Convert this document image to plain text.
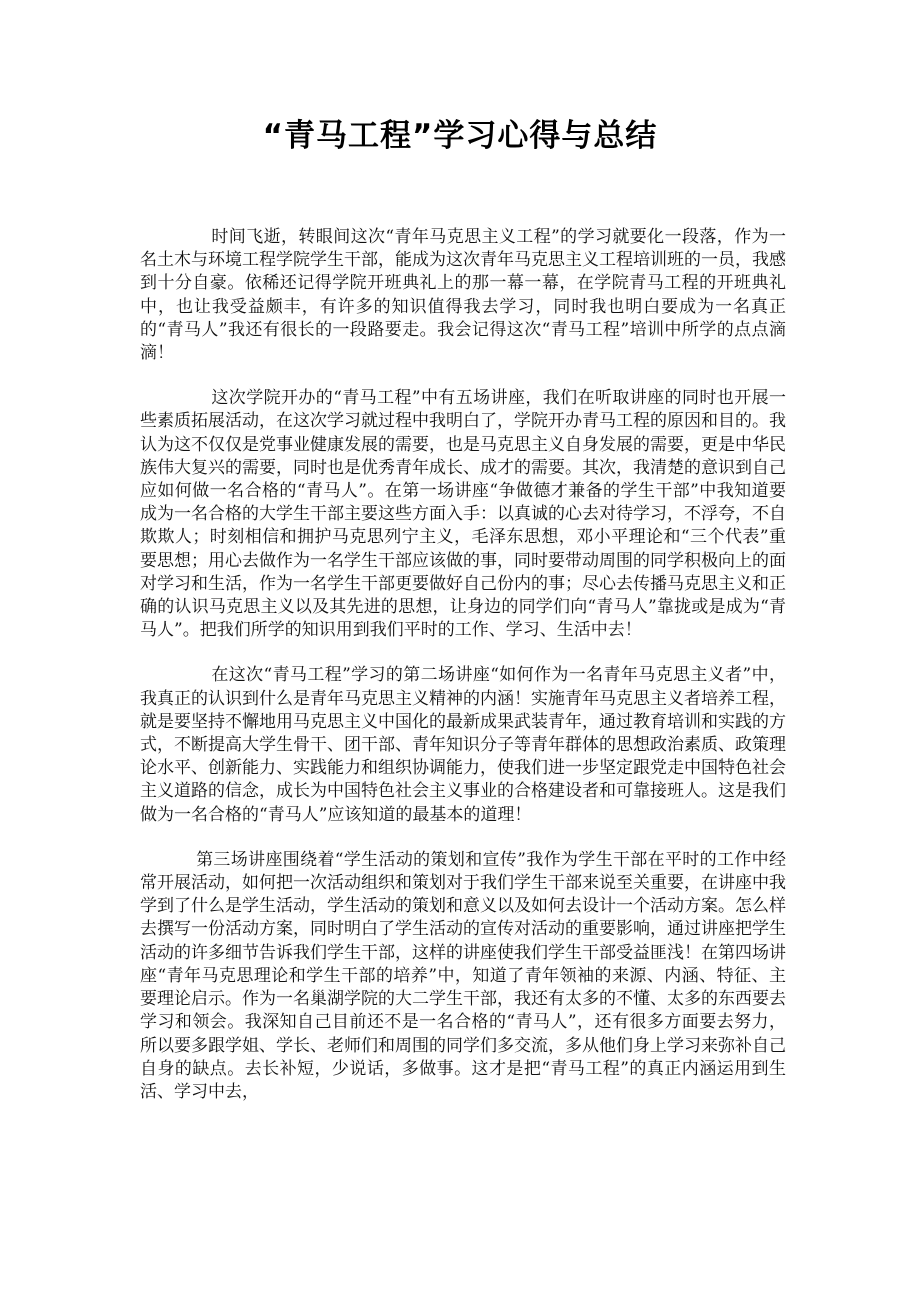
“青马工程”学习心得与总结

时间飞逝，转眼间这次“青年马克思主义工程”的学习就要化一段落，作为一名土木与环境工程学院学生干部，能成为这次青年马克思主义工程培训班的一员，我感到十分自豪。依稀还记得学院开班典礼上的那一幕一幕，在学院青马工程的开班典礼中，也让我受益颇丰，有许多的知识值得我去学习，同时我也明白要成为一名真正的“青马人”我还有很长的一段路要走。我会记得这次“青马工程”培训中所学的点点滴滴！

这次学院开办的“青马工程”中有五场讲座，我们在听取讲座的同时也开展一些素质拓展活动，在这次学习就过程中我明白了，学院开办青马工程的原因和目的。我认为这不仅仅是党事业健康发展的需要，也是马克思主义自身发展的需要，更是中华民族伟大复兴的需要，同时也是优秀青年成长、成才的需要。其次，我清楚的意识到自己应如何做一名合格的“青马人”。在第一场讲座“争做德才兼备的学生干部”中我知道要成为一名合格的大学生干部主要这些方面入手：以真诚的心去对待学习，不浮夸，不自欺欺人；时刻相信和拥护马克思列宁主义，毛泽东思想，邓小平理论和“三个代表”重要思想；用心去做作为一名学生干部应该做的事，同时要带动周围的同学积极向上的面对学习和生活，作为一名学生干部更要做好自己份内的事；尽心去传播马克思主义和正确的认识马克思主义以及其先进的思想，让身边的同学们向“青马人”靠拢或是成为“青马人”。把我们所学的知识用到我们平时的工作、学习、生活中去！

在这次“青马工程”学习的第二场讲座“如何作为一名青年马克思主义者”中，我真正的认识到什么是青年马克思主义精神的内涵！实施青年马克思主义者培养工程，就是要坚持不懈地用马克思主义中国化的最新成果武装青年，通过教育培训和实践的方式，不断提高大学生骨干、团干部、青年知识分子等青年群体的思想政治素质、政策理论水平、创新能力、实践能力和组织协调能力，使我们进一步坚定跟党走中国特色社会主义道路的信念，成长为中国特色社会主义事业的合格建设者和可靠接班人。这是我们做为一名合格的“青马人”应该知道的最基本的道理！

第三场讲座围绕着“学生活动的策划和宣传”我作为学生干部在平时的工作中经常开展活动，如何把一次活动组织和策划对于我们学生干部来说至关重要，在讲座中我学到了什么是学生活动，学生活动的策划和意义以及如何去设计一个活动方案。怎么样去撰写一份活动方案，同时明白了学生活动的宣传对活动的重要影响，通过讲座把学生活动的许多细节告诉我们学生干部，这样的讲座使我们学生干部受益匪浅！在第四场讲座“青年马克思理论和学生干部的培养”中，知道了青年领袖的来源、内涵、特征、主要理论启示。作为一名巢湖学院的大二学生干部，我还有太多的不懂、太多的东西要去学习和领会。我深知自己目前还不是一名合格的“青马人”，还有很多方面要去努力，所以要多跟学姐、学长、老师们和周围的同学们多交流，多从他们身上学习来弥补自己自身的缺点。去长补短，少说话，多做事。这才是把“青马工程”的真正内涵运用到生活、学习中去，
